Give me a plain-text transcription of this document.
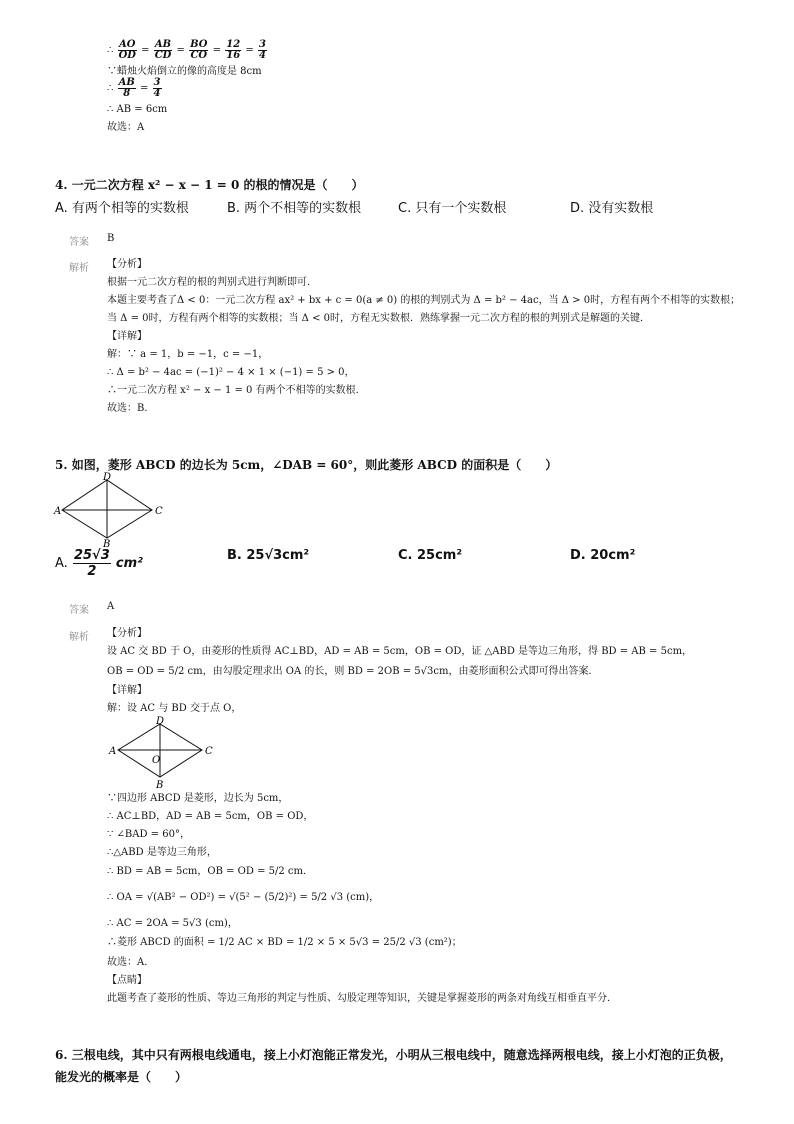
∴ $\frac{AO}{OD} = \frac{AB}{CD} = \frac{BO}{CO} = \frac{12}{16} = \frac{3}{4}$
∵蜡烛火焰倒立的像的高度是 8cm
∴ $\frac{AB}{8} = \frac{3}{4}$
∴ AB = 6cm
故选：A
4. 一元二次方程 x² − x − 1 = 0 的根的情况是（　　）
A. 有两个相等的实数根	B. 两个不相等的实数根	C. 只有一个实数根	D. 没有实数根
答案 B
解析 【分析】
根据一元二次方程的根的判别式进行判断即可.
本题主要考查了Δ < 0：一元二次方程 ax² + bx + c = 0(a ≠ 0) 的根的判别式为 Δ = b² − 4ac，当 Δ > 0时，方程有两个不相等的实数根；
当 Δ = 0时，方程有两个相等的实数根；当 Δ < 0时，方程无实数根．熟练掌握一元二次方程的根的判别式是解题的关键．
【详解】
解：∵ a = 1，b = −1，c = −1，
∴ Δ = b² − 4ac = (−1)² − 4 × 1 × (−1) = 5 > 0，
∴一元二次方程 x² − x − 1 = 0 有两个不相等的实数根．
故选：B.
5. 如图，菱形 ABCD 的边长为 5cm，∠DAB = 60°，则此菱形 ABCD 的面积是（　　）
A
B
C
D
A. $\frac{25√3}{2} cm^2$
B. 25√3cm²	C. 25cm²	D. 20cm²
答案 A
解析 【分析】
设 AC 交 BD 于 O，由菱形的性质得 AC⊥BD，AD = AB = 5cm，OB = OD，证 △ABD 是等边三角形，得 BD = AB = 5cm，
OB = OD = 5/2 cm，由勾股定理求出 OA 的长，则 BD = 2OB = 5√3cm，由菱形面积公式即可得出答案．
【详解】
解：设 AC 与 BD 交于点 O，
A
B
C
D
O
∵四边形 ABCD 是菱形，边长为 5cm，
∴ AC⊥BD，AD = AB = 5cm，OB = OD，
∵ ∠BAD = 60°，
∴△ABD 是等边三角形，
∴ BD = AB = 5cm，OB = OD = 5/2 cm．
∴ OA = √(AB² − OD²) = √(5² − (5/2)²) = 5/2 √3 (cm)，
∴ AC = 2OA = 5√3 (cm)，
∴菱形 ABCD 的面积 = 1/2 AC × BD = 1/2 × 5 × 5√3 = 25/2 √3 (cm²)；
故选：A．
【点睛】
此题考查了菱形的性质、等边三角形的判定与性质、勾股定理等知识，关键是掌握菱形的两条对角线互相垂直平分．
6. 三根电线，其中只有两根电线通电，接上小灯泡能正常发光，小明从三根电线中，随意选择两根电线，接上小灯泡的正负极，
能发光的概率是（　　）
